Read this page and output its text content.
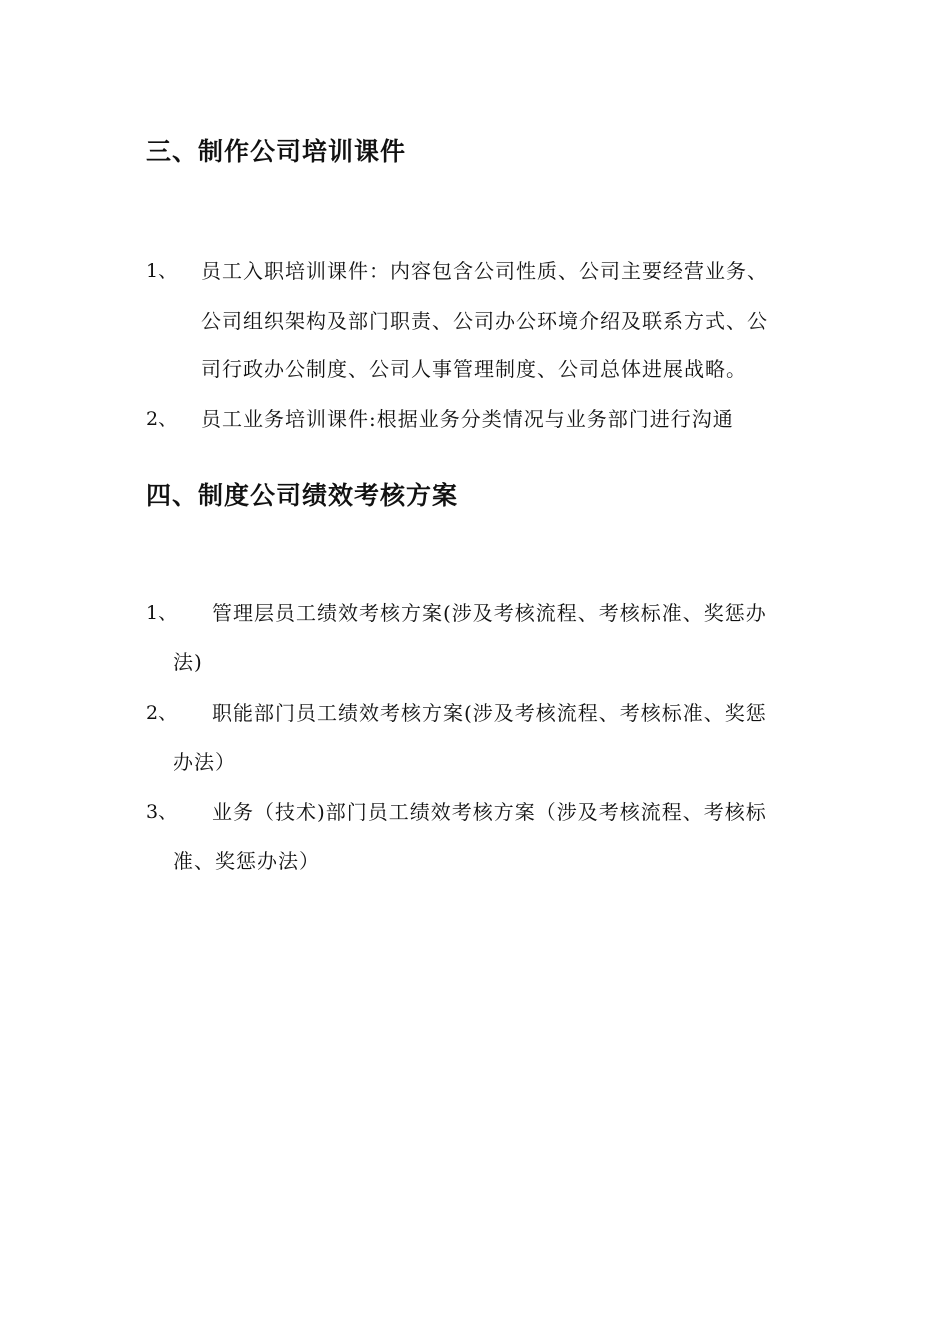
三、制作公司培训课件
1、 员工入职培训课件：内容包含公司性质、公司主要经营业务、
公司组织架构及部门职责、公司办公环境介绍及联系方式、公
司行政办公制度、公司人事管理制度、公司总体进展战略。
2、 员工业务培训课件:根据业务分类情况与业务部门进行沟通
四、制度公司绩效考核方案
1、 管理层员工绩效考核方案(涉及考核流程、考核标准、奖惩办
法)
2、 职能部门员工绩效考核方案(涉及考核流程、考核标准、奖惩
办法）
3、 业务（技术)部门员工绩效考核方案（涉及考核流程、考核标
准、奖惩办法）
